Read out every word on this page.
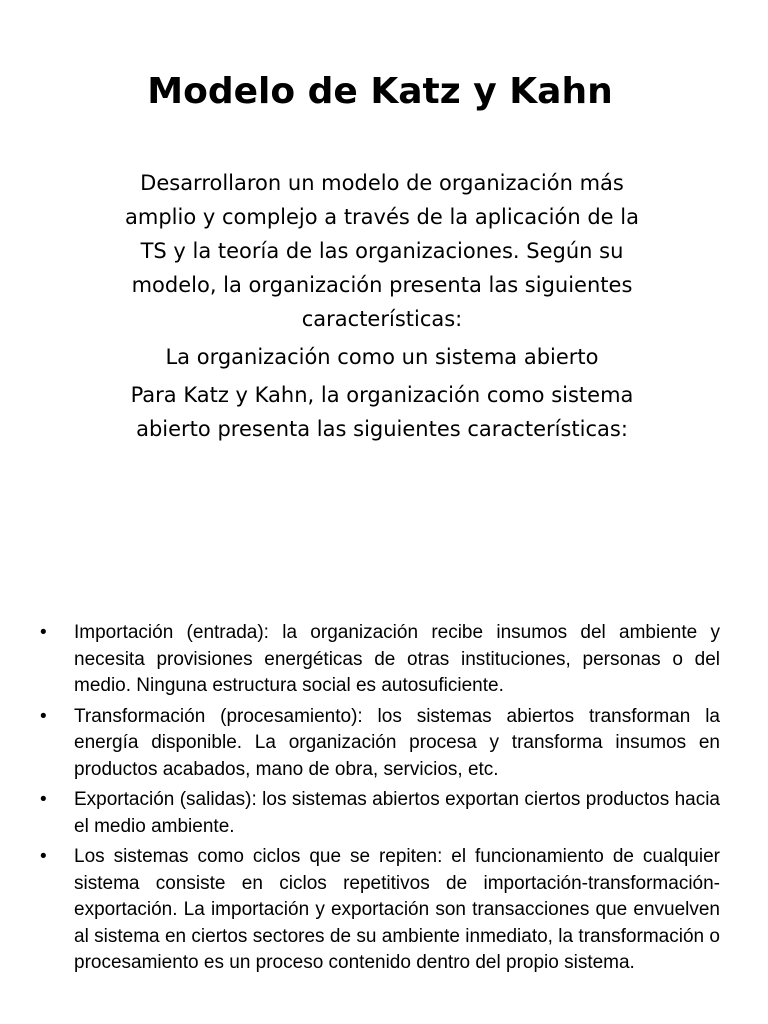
Modelo de Katz y Kahn

Desarrollaron un modelo de organización más amplio y complejo a través de la aplicación de la TS y la teoría de las organizaciones. Según su modelo, la organización presenta las siguientes características:

La organización como un sistema abierto

Para Katz y Kahn, la organización como sistema abierto presenta las siguientes características:

•	Importación (entrada): la organización recibe insumos del ambiente y necesita provisiones energéticas de otras instituciones, personas o del medio. Ninguna estructura social es autosuficiente.
•	Transformación (procesamiento): los sistemas abiertos transforman la energía disponible. La organización procesa y transforma insumos en productos acabados, mano de obra, servicios, etc.
•	Exportación (salidas): los sistemas abiertos exportan ciertos productos hacia el medio ambiente.
•	Los sistemas como ciclos que se repiten: el funcionamiento de cualquier sistema consiste en ciclos repetitivos de importación-transformación-exportación. La importación y exportación son transacciones que envuelven al sistema en ciertos sectores de su ambiente inmediato, la transformación o procesamiento es un proceso contenido dentro del propio sistema.
